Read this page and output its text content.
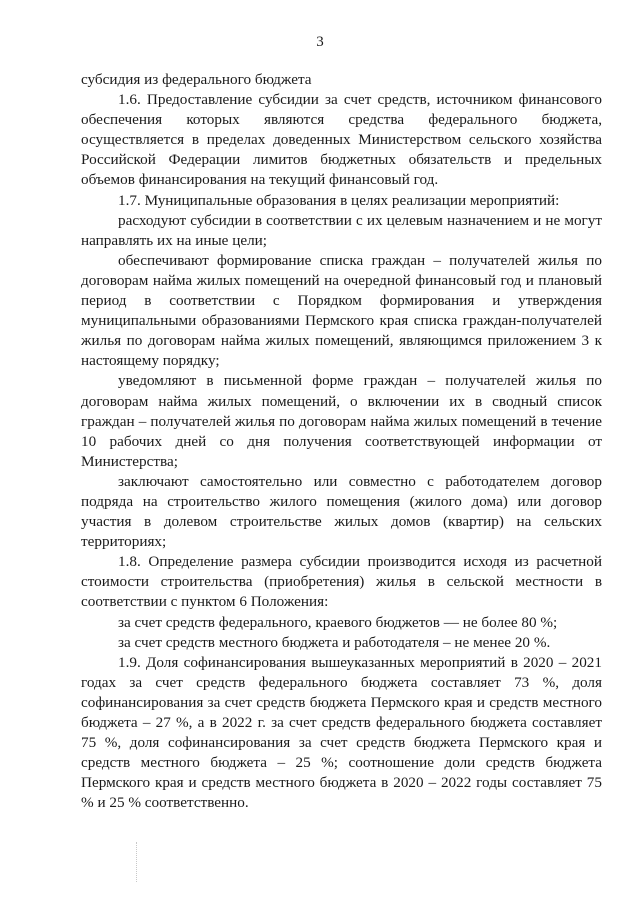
3

субсидия из федерального бюджета

1.6. Предоставление субсидии за счет средств, источником финансового обеспечения которых являются средства федерального бюджета, осуществляется в пределах доведенных Министерством сельского хозяйства Российской Федерации лимитов бюджетных обязательств и предельных объемов финансирования на текущий финансовый год.

1.7. Муниципальные образования в целях реализации мероприятий:

расходуют субсидии в соответствии с их целевым назначением и не могут направлять их на иные цели;

обеспечивают формирование списка граждан – получателей жилья по договорам найма жилых помещений на очередной финансовый год и плановый период в соответствии с Порядком формирования и утверждения муниципальными образованиями Пермского края списка граждан-получателей жилья по договорам найма жилых помещений, являющимся приложением 3 к настоящему порядку;

уведомляют в письменной форме граждан – получателей жилья по договорам найма жилых помещений, о включении их в сводный список граждан – получателей жилья по договорам найма жилых помещений в течение 10 рабочих дней со дня получения соответствующей информации от Министерства;

заключают самостоятельно или совместно с работодателем договор подряда на строительство жилого помещения (жилого дома) или договор участия в долевом строительстве жилых домов (квартир) на сельских территориях;

1.8. Определение размера субсидии производится исходя из расчетной стоимости строительства (приобретения) жилья в сельской местности в соответствии с пунктом 6 Положения:

за счет средств федерального, краевого бюджетов — не более 80 %;

за счет средств местного бюджета и работодателя – не менее 20 %.

1.9. Доля софинансирования вышеуказанных мероприятий в 2020 – 2021 годах за счет средств федерального бюджета составляет 73 %, доля софинансирования за счет средств бюджета Пермского края и средств местного бюджета – 27 %, а в 2022 г. за счет средств федерального бюджета составляет 75 %, доля софинансирования за счет средств бюджета Пермского края и средств местного бюджета – 25 %; соотношение доли средств бюджета Пермского края и средств местного бюджета в 2020 – 2022 годы составляет 75 % и 25 % соответственно.
